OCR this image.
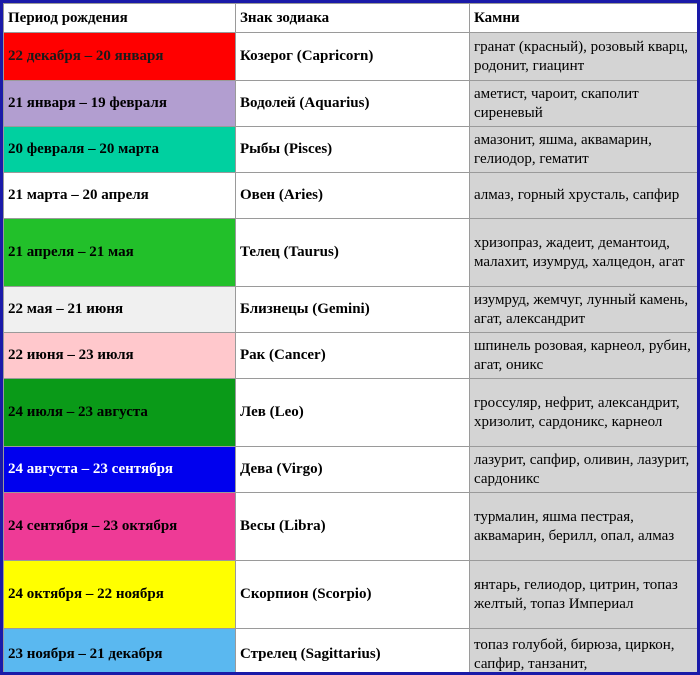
Период рождения	Знак зодиака	Камни
22 декабря – 20 января	Козерог (Capricorn)	гранат (красный), розовый кварц, родонит, гиацинт
21 января – 19 февраля	Водолей (Aquarius)	аметист, чароит, скаполит сиреневый
20 февраля – 20 марта	Рыбы (Pisces)	амазонит, яшма, аквамарин, гелиодор, гематит
21 марта – 20 апреля	Овен (Aries)	алмаз, горный хрусталь, сапфир
21 апреля – 21 мая	Телец (Taurus)	хризопраз, жадеит, демантоид, малахит, изумруд, халцедон, агат
22 мая – 21 июня	Близнецы (Gemini)	изумруд, жемчуг, лунный камень, агат, александрит
22 июня – 23 июля	Рак (Cancer)	шпинель розовая, карнеол, рубин, агат, оникс
24 июля – 23 августа	Лев (Leo)	гроссуляр, нефрит, александрит, хризолит, сардоникс, карнеол
24 августа – 23 сентября	Дева (Virgo)	лазурит, сапфир, оливин, лазурит, сардоникс
24 сентября – 23 октября	Весы (Libra)	турмалин, яшма пестрая, аквамарин, берилл, опал, алмаз
24 октября – 22 ноября	Скорпион (Scorpio)	янтарь, гелиодор, цитрин, топаз желтый, топаз Империал
23 ноября – 21 декабря	Стрелец (Sagittarius)	топаз голубой, бирюза, циркон, сапфир, танзанит,
